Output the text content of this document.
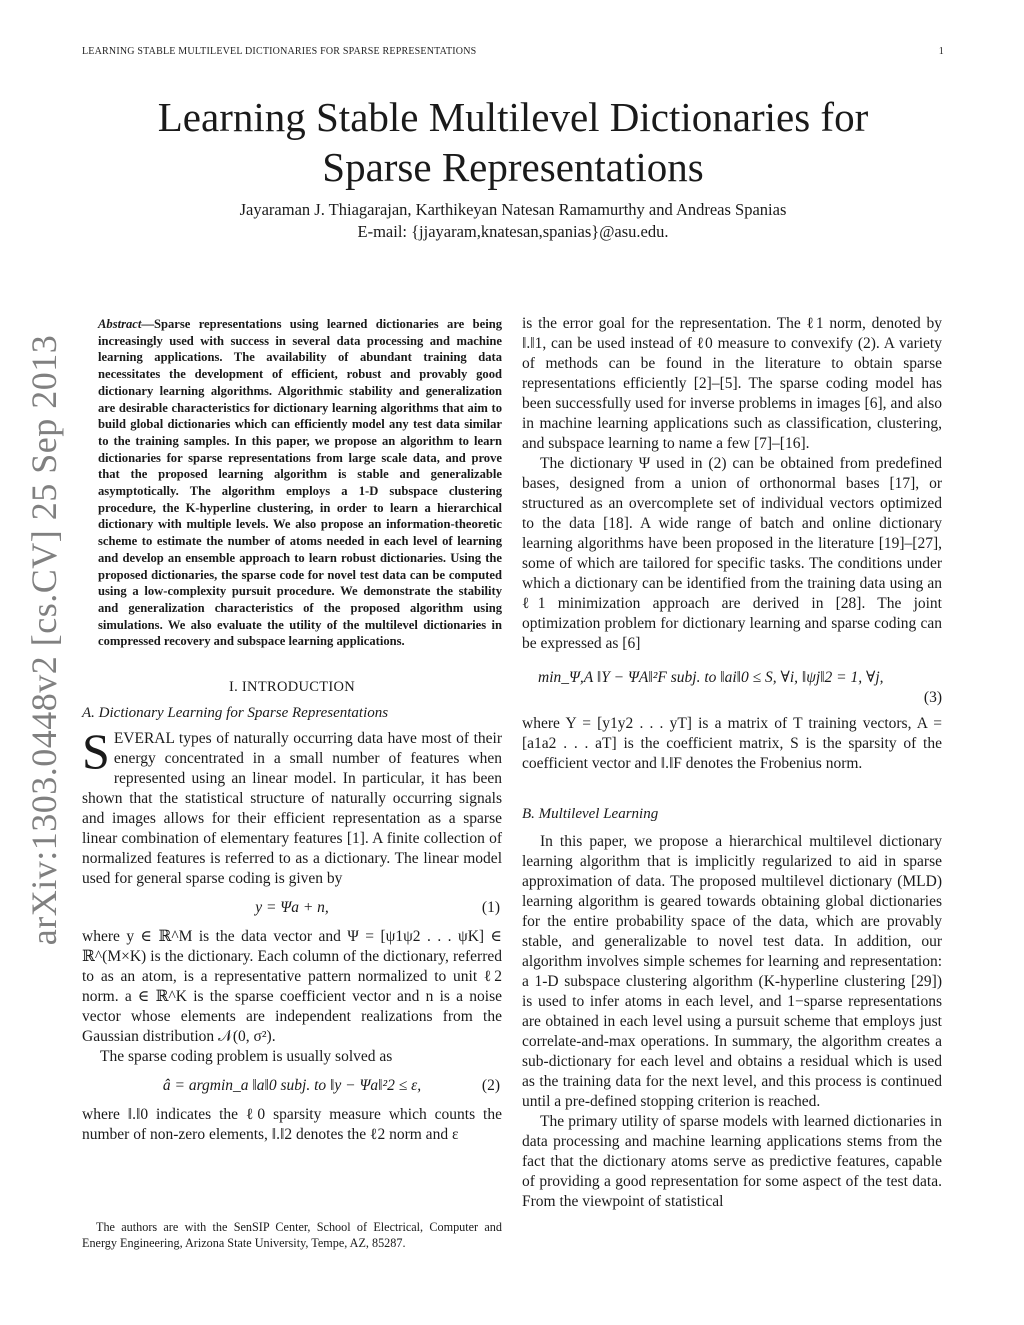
LEARNING STABLE MULTILEVEL DICTIONARIES FOR SPARSE REPRESENTATIONS	1
arXiv:1303.0448v2 [cs.CV] 25 Sep 2013
Learning Stable Multilevel Dictionaries for
Sparse Representations
Jayaraman J. Thiagarajan, Karthikeyan Natesan Ramamurthy and Andreas Spanias
E-mail: {jjayaram,knatesan,spanias}@asu.edu.

Abstract—Sparse representations using learned dictionaries are being increasingly used with success in several data processing and machine learning applications. The availability of abundant training data necessitates the development of efficient, robust and provably good dictionary learning algorithms. Algorithmic stability and generalization are desirable characteristics for dictionary learning algorithms that aim to build global dictionaries which can efficiently model any test data similar to the training samples. In this paper, we propose an algorithm to learn dictionaries for sparse representations from large scale data, and prove that the proposed learning algorithm is stable and generalizable asymptotically. The algorithm employs a 1-D subspace clustering procedure, the K-hyperline clustering, in order to learn a hierarchical dictionary with multiple levels. We also propose an information-theoretic scheme to estimate the number of atoms needed in each level of learning and develop an ensemble approach to learn robust dictionaries. Using the proposed dictionaries, the sparse code for novel test data can be computed using a low-complexity pursuit procedure. We demonstrate the stability and generalization characteristics of the proposed algorithm using simulations. We also evaluate the utility of the multilevel dictionaries in compressed recovery and subspace learning applications.

I. INTRODUCTION
A. Dictionary Learning for Sparse Representations

SEVERAL types of naturally occurring data have most of their energy concentrated in a small number of features when represented using an linear model. In particular, it has been shown that the statistical structure of naturally occurring signals and images allows for their efficient representation as a sparse linear combination of elementary features [1]. A finite collection of normalized features is referred to as a dictionary. The linear model used for general sparse coding is given by

y = Ψa + n,	(1)

where y ∈ ℝ^M is the data vector and Ψ = [ψ1ψ2 . . . ψK] ∈ ℝ^(M×K) is the dictionary. Each column of the dictionary, referred to as an atom, is a representative pattern normalized to unit ℓ2 norm. a ∈ ℝ^K is the sparse coefficient vector and n is a noise vector whose elements are independent realizations from the Gaussian distribution 𝒩(0, σ²).

The sparse coding problem is usually solved as

â = argmin_a ‖a‖0 subj. to ‖y − Ψa‖²2 ≤ ε,	(2)

where ‖.‖0 indicates the ℓ0 sparsity measure which counts the number of non-zero elements, ‖.‖2 denotes the ℓ2 norm and ε

The authors are with the SenSIP Center, School of Electrical, Computer and Energy Engineering, Arizona State University, Tempe, AZ, 85287.

is the error goal for the representation. The ℓ1 norm, denoted by ‖.‖1, can be used instead of ℓ0 measure to convexify (2). A variety of methods can be found in the literature to obtain sparse representations efficiently [2]–[5]. The sparse coding model has been successfully used for inverse problems in images [6], and also in machine learning applications such as classification, clustering, and subspace learning to name a few [7]–[16].

The dictionary Ψ used in (2) can be obtained from predefined bases, designed from a union of orthonormal bases [17], or structured as an overcomplete set of individual vectors optimized to the data [18]. A wide range of batch and online dictionary learning algorithms have been proposed in the literature [19]–[27], some of which are tailored for specific tasks. The conditions under which a dictionary can be identified from the training data using an ℓ1 minimization approach are derived in [28]. The joint optimization problem for dictionary learning and sparse coding can be expressed as [6]

min_Ψ,A ‖Y − ΨA‖²F subj. to ‖ai‖0 ≤ S, ∀i, ‖ψj‖2 = 1, ∀j,
(3)

where Y = [y1y2 . . . yT] is a matrix of T training vectors, A = [a1a2 . . . aT] is the coefficient matrix, S is the sparsity of the coefficient vector and ‖.‖F denotes the Frobenius norm.

B. Multilevel Learning

In this paper, we propose a hierarchical multilevel dictionary learning algorithm that is implicitly regularized to aid in sparse approximation of data. The proposed multilevel dictionary (MLD) learning algorithm is geared towards obtaining global dictionaries for the entire probability space of the data, which are provably stable, and generalizable to novel test data. In addition, our algorithm involves simple schemes for learning and representation: a 1-D subspace clustering algorithm (K-hyperline clustering [29]) is used to infer atoms in each level, and 1−sparse representations are obtained in each level using a pursuit scheme that employs just correlate-and-max operations. In summary, the algorithm creates a sub-dictionary for each level and obtains a residual which is used as the training data for the next level, and this process is continued until a pre-defined stopping criterion is reached.

The primary utility of sparse models with learned dictionaries in data processing and machine learning applications stems from the fact that the dictionary atoms serve as predictive features, capable of providing a good representation for some aspect of the test data. From the viewpoint of statistical
